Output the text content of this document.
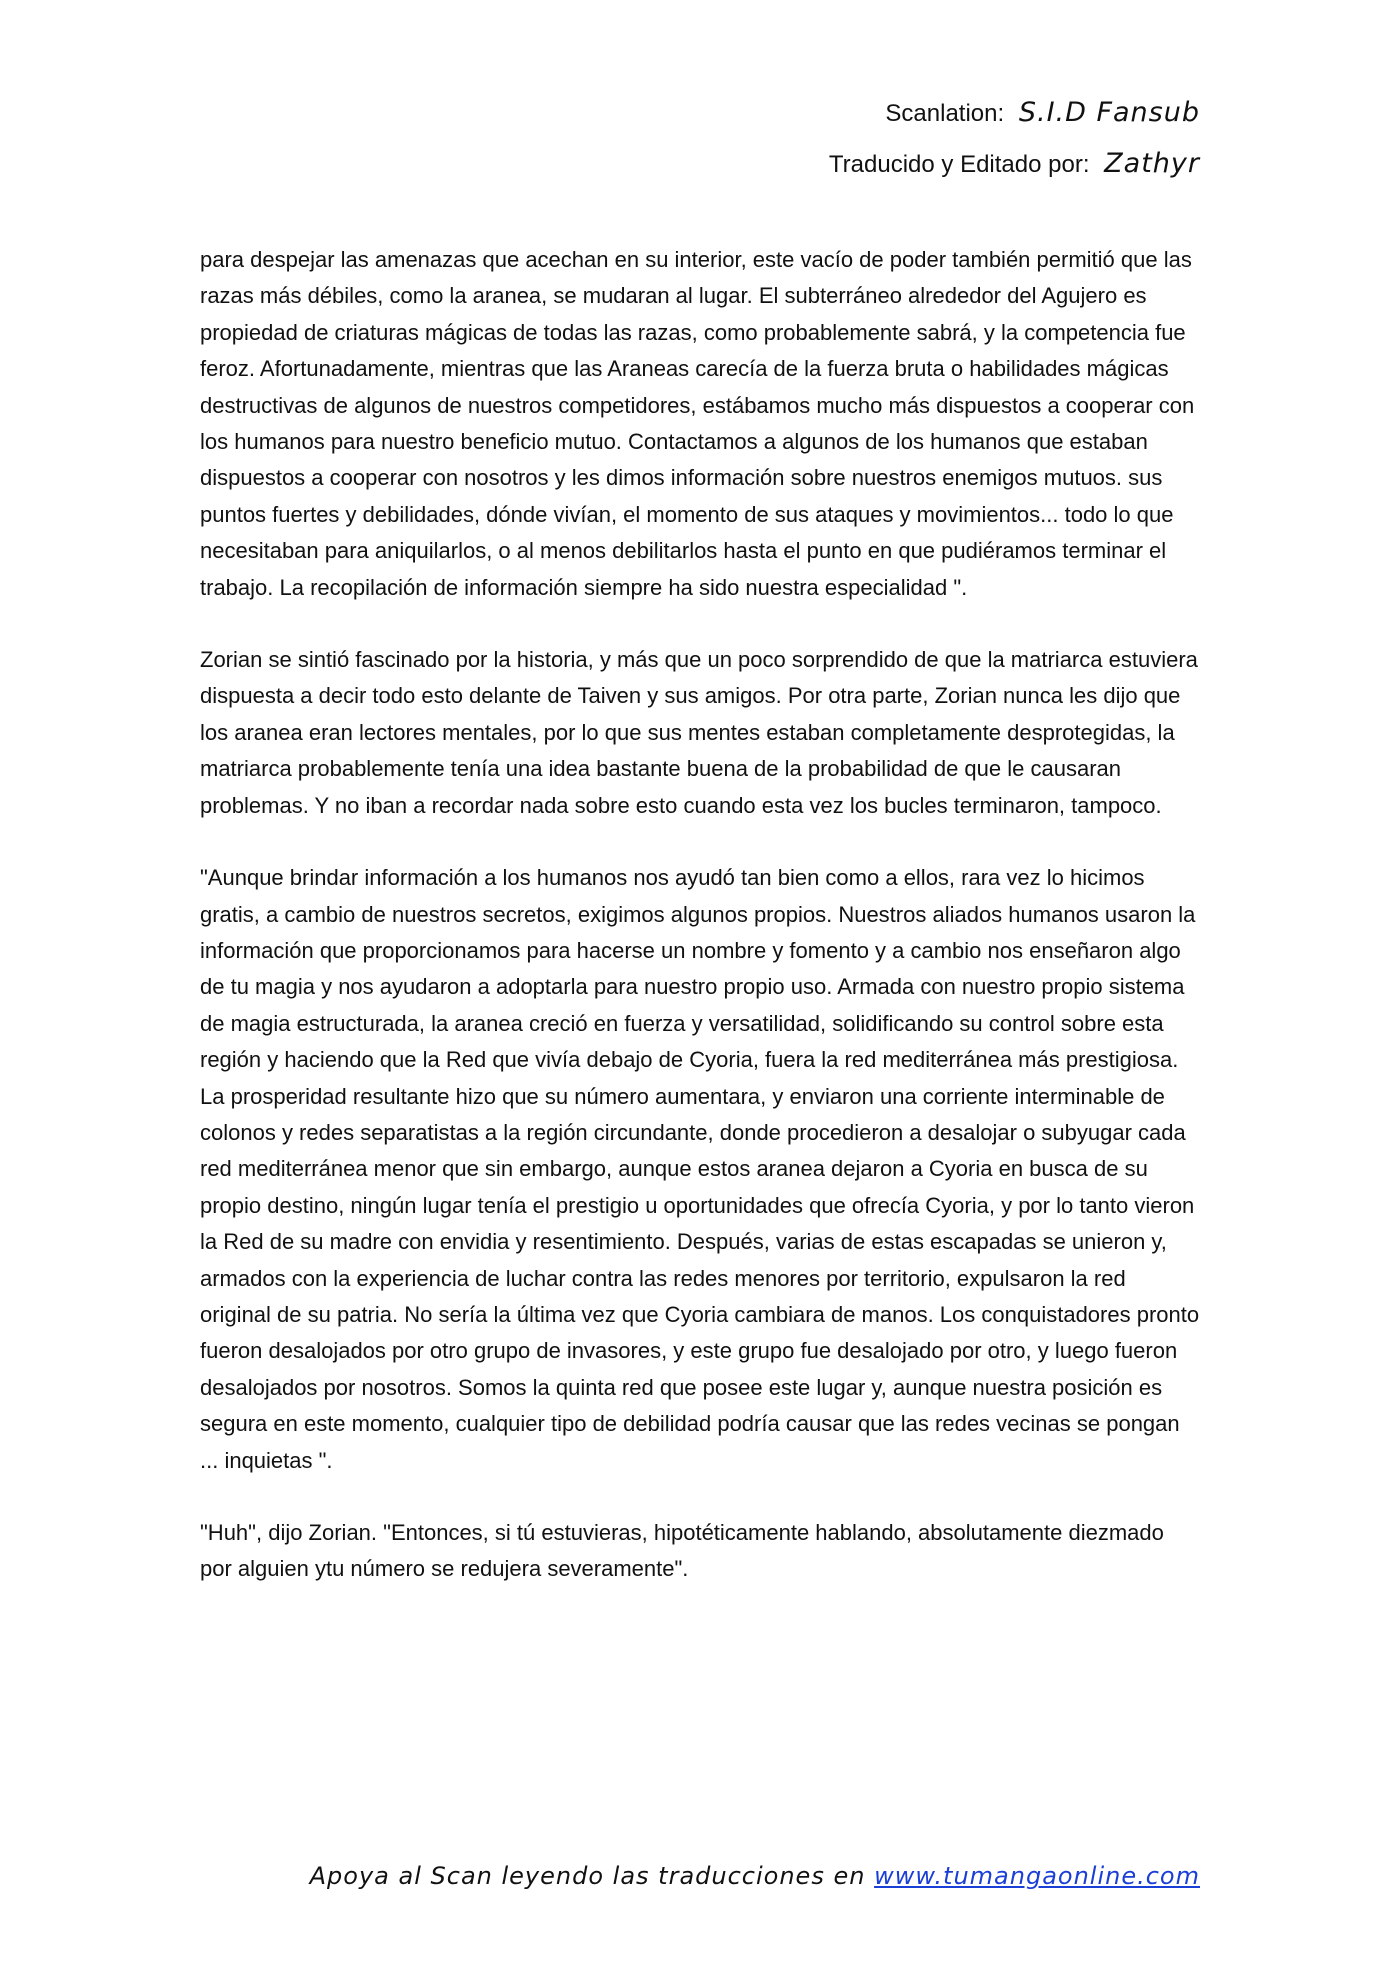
Scanlation: S.I.D Fansub
Traducido y Editado por: Zathyr

para despejar las amenazas que acechan en su interior, este vacío de poder también permitió que las razas más débiles, como la aranea, se mudaran al lugar. El subterráneo alrededor del Agujero es propiedad de criaturas mágicas de todas las razas, como probablemente sabrá, y la competencia fue feroz. Afortunadamente, mientras que las Araneas carecía de la fuerza bruta o habilidades mágicas destructivas de algunos de nuestros competidores, estábamos mucho más dispuestos a cooperar con los humanos para nuestro beneficio mutuo. Contactamos a algunos de los humanos que estaban dispuestos a cooperar con nosotros y les dimos información sobre nuestros enemigos mutuos. sus puntos fuertes y debilidades, dónde vivían, el momento de sus ataques y movimientos... todo lo que necesitaban para aniquilarlos, o al menos debilitarlos hasta el punto en que pudiéramos terminar el trabajo. La recopilación de información siempre ha sido nuestra especialidad ".

Zorian se sintió fascinado por la historia, y más que un poco sorprendido de que la matriarca estuviera dispuesta a decir todo esto delante de Taiven y sus amigos. Por otra parte, Zorian nunca les dijo que los aranea eran lectores mentales, por lo que sus mentes estaban completamente desprotegidas, la matriarca probablemente tenía una idea bastante buena de la probabilidad de que le causaran problemas. Y no iban a recordar nada sobre esto cuando esta vez los bucles terminaron, tampoco.

"Aunque brindar información a los humanos nos ayudó tan bien como a ellos, rara vez lo hicimos gratis, a cambio de nuestros secretos, exigimos algunos propios. Nuestros aliados humanos usaron la información que proporcionamos para hacerse un nombre y fomento y a cambio nos enseñaron algo de tu magia y nos ayudaron a adoptarla para nuestro propio uso. Armada con nuestro propio sistema de magia estructurada, la aranea creció en fuerza y versatilidad, solidificando su control sobre esta región y haciendo que la Red que vivía debajo de Cyoria, fuera la red mediterránea más prestigiosa. La prosperidad resultante hizo que su número aumentara, y enviaron una corriente interminable de colonos y redes separatistas a la región circundante, donde procedieron a desalojar o subyugar cada red mediterránea menor que sin embargo, aunque estos aranea dejaron a Cyoria en busca de su propio destino, ningún lugar tenía el prestigio u oportunidades que ofrecía Cyoria, y por lo tanto vieron la Red de su madre con envidia y resentimiento. Después, varias de estas escapadas se unieron y, armados con la experiencia de luchar contra las redes menores por territorio, expulsaron la red original de su patria. No sería la última vez que Cyoria cambiara de manos. Los conquistadores pronto fueron desalojados por otro grupo de invasores, y este grupo fue desalojado por otro, y luego fueron desalojados por nosotros. Somos la quinta red que posee este lugar y, aunque nuestra posición es segura en este momento, cualquier tipo de debilidad podría causar que las redes vecinas se pongan ... inquietas ".

"Huh", dijo Zorian. "Entonces, si tú estuvieras, hipotéticamente hablando, absolutamente diezmado por alguien ytu número se redujera severamente".

Apoya al Scan leyendo las traducciones en www.tumangaonline.com
